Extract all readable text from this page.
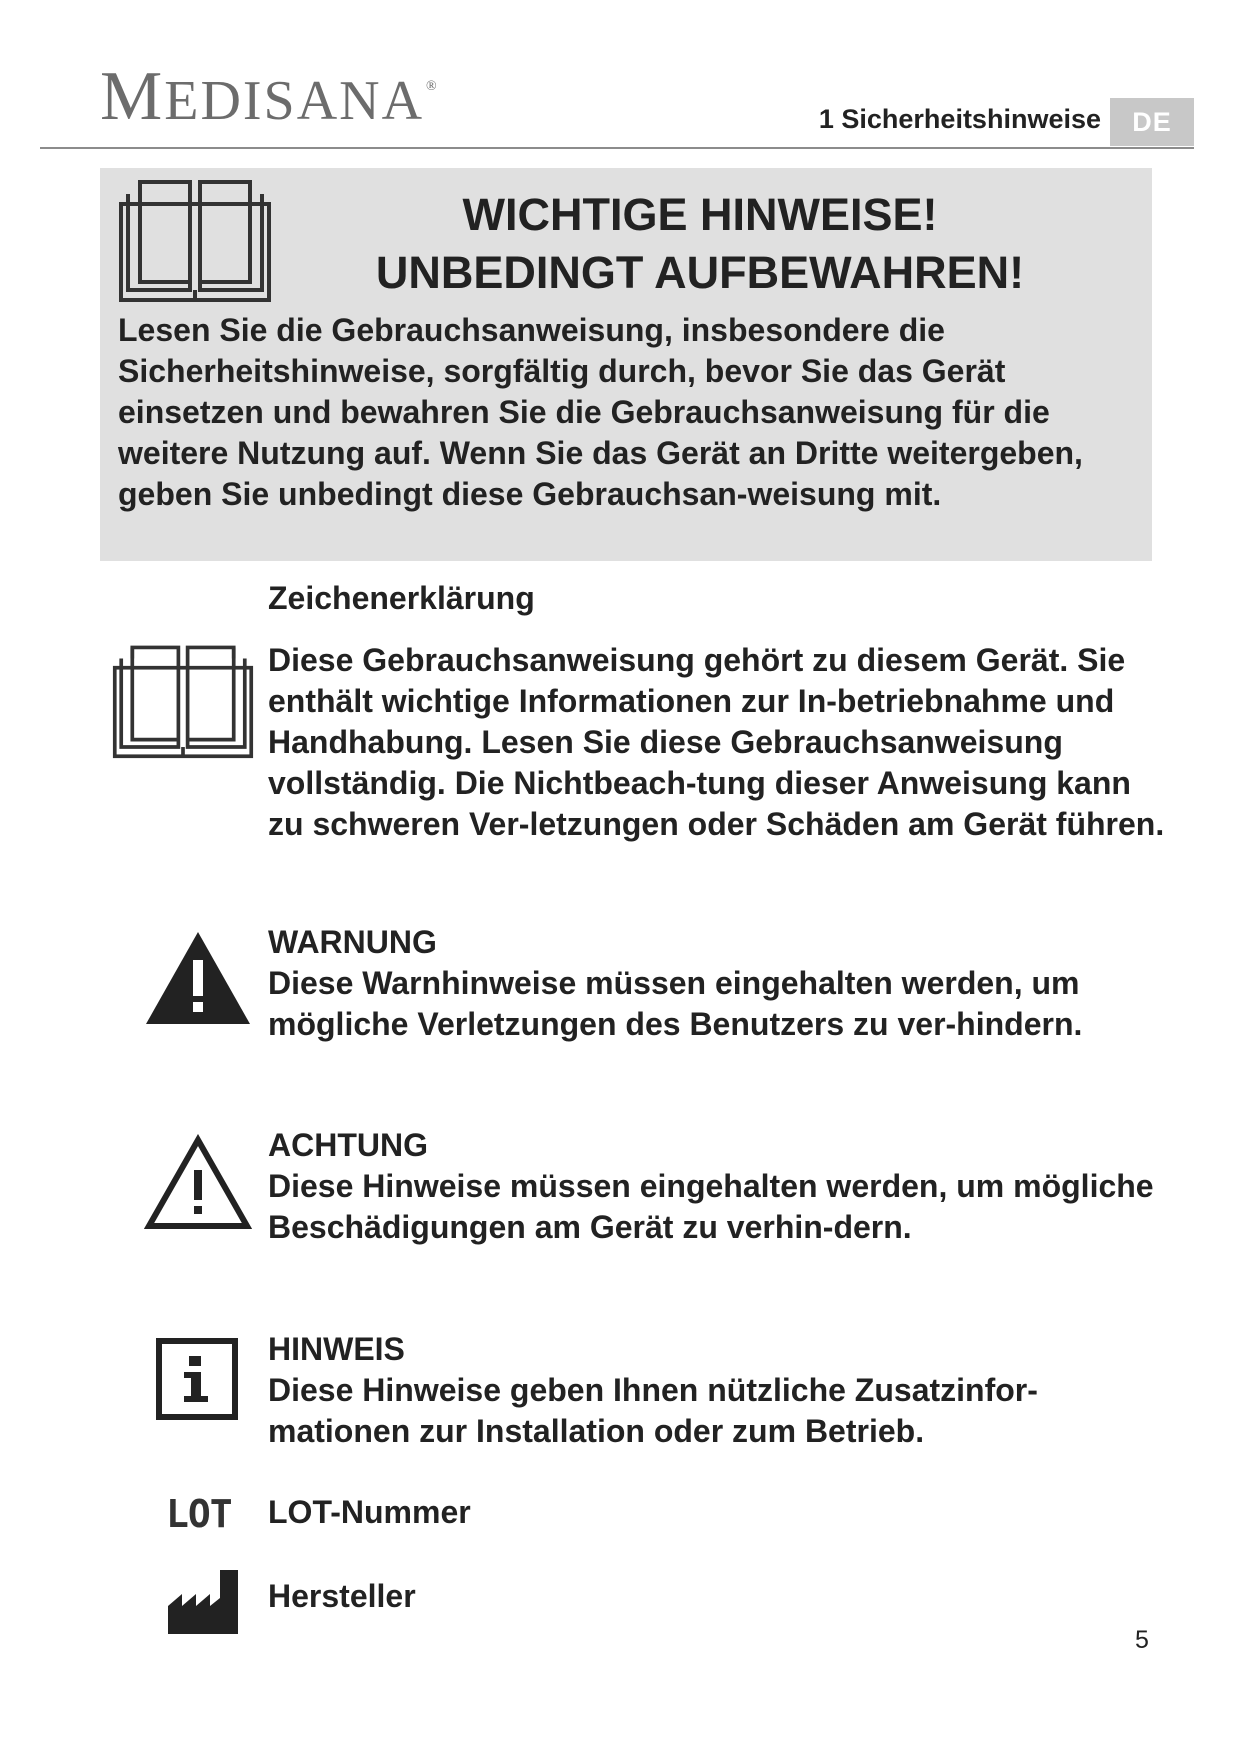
MEDISANA ®
1 Sicherheitshinweise	DE
WICHTIGE HINWEISE!
UNBEDINGT AUFBEWAHREN!
Lesen Sie die Gebrauchsanweisung, insbesondere die Sicherheitshinweise, sorgfältig durch, bevor Sie das Gerät einsetzen und bewahren Sie die Gebrauchsanweisung für die weitere Nutzung auf. Wenn Sie das Gerät an Dritte weitergeben, geben Sie unbedingt diese Gebrauchsan-weisung mit.
Zeichenerklärung
Diese Gebrauchsanweisung gehört zu diesem Gerät. Sie enthält wichtige Informationen zur In-betriebnahme und Handhabung. Lesen Sie diese Gebrauchsanweisung vollständig. Die Nichtbeach-tung dieser Anweisung kann zu schweren Ver-letzungen oder Schäden am Gerät führen.
WARNUNG
Diese Warnhinweise müssen eingehalten werden, um mögliche Verletzungen des Benutzers zu ver-hindern.
ACHTUNG
Diese Hinweise müssen eingehalten werden, um mögliche Beschädigungen am Gerät zu verhin-dern.
HINWEIS
Diese Hinweise geben Ihnen nützliche Zusatzinfor-mationen zur Installation oder zum Betrieb.
LOT LOT-Nummer
Hersteller
5
